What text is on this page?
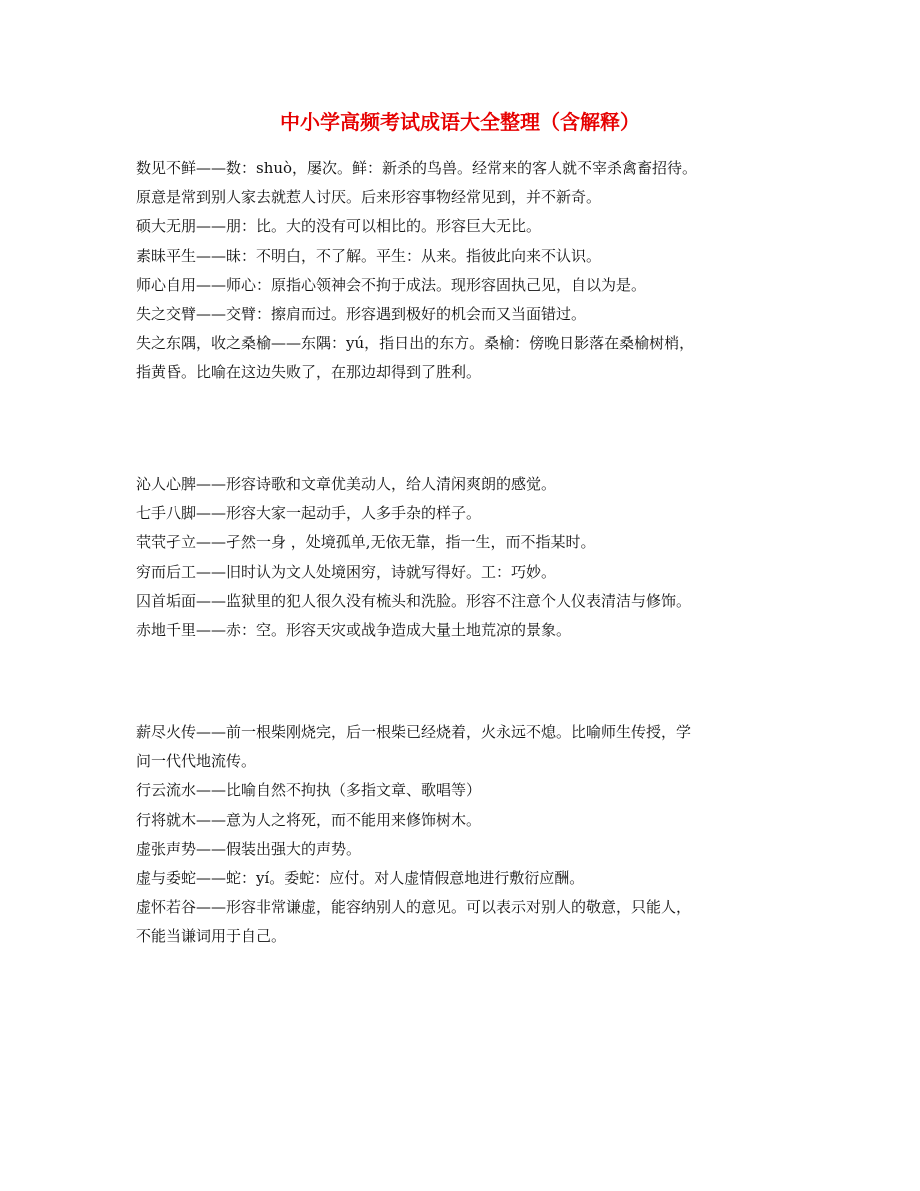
中小学高频考试成语大全整理（含解释）

数见不鲜——数：shuò，屡次。鲜：新杀的鸟兽。经常来的客人就不宰杀禽畜招待。

原意是常到别人家去就惹人讨厌。后来形容事物经常见到，并不新奇。

硕大无朋——朋：比。大的没有可以相比的。形容巨大无比。

素昧平生——昧：不明白，不了解。平生：从来。指彼此向来不认识。

师心自用——师心：原指心领神会不拘于成法。现形容固执己见，自以为是。

失之交臂——交臂：擦肩而过。形容遇到极好的机会而又当面错过。

失之东隅，收之桑榆——东隅：yú，指日出的东方。桑榆：傍晚日影落在桑榆树梢，

指黄昏。比喻在这边失败了，在那边却得到了胜利。

沁人心脾——形容诗歌和文章优美动人，给人清闲爽朗的感觉。

七手八脚——形容大家一起动手，人多手杂的样子。

茕茕孑立——孑然一身 ，处境孤单,无依无靠，指一生，而不指某时。

穷而后工——旧时认为文人处境困穷，诗就写得好。工：巧妙。

囚首垢面——监狱里的犯人很久没有梳头和洗脸。形容不注意个人仪表清洁与修饰。

赤地千里——赤：空。形容天灾或战争造成大量土地荒凉的景象。

薪尽火传——前一根柴刚烧完，后一根柴已经烧着，火永远不熄。比喻师生传授，学

问一代代地流传。

行云流水——比喻自然不拘执（多指文章、歌唱等）

行将就木——意为人之将死，而不能用来修饰树木。

虚张声势——假装出强大的声势。

虚与委蛇——蛇：yí。委蛇：应付。对人虚情假意地进行敷衍应酬。

虚怀若谷——形容非常谦虚，能容纳别人的意见。可以表示对别人的敬意，只能人，

不能当谦词用于自己。
